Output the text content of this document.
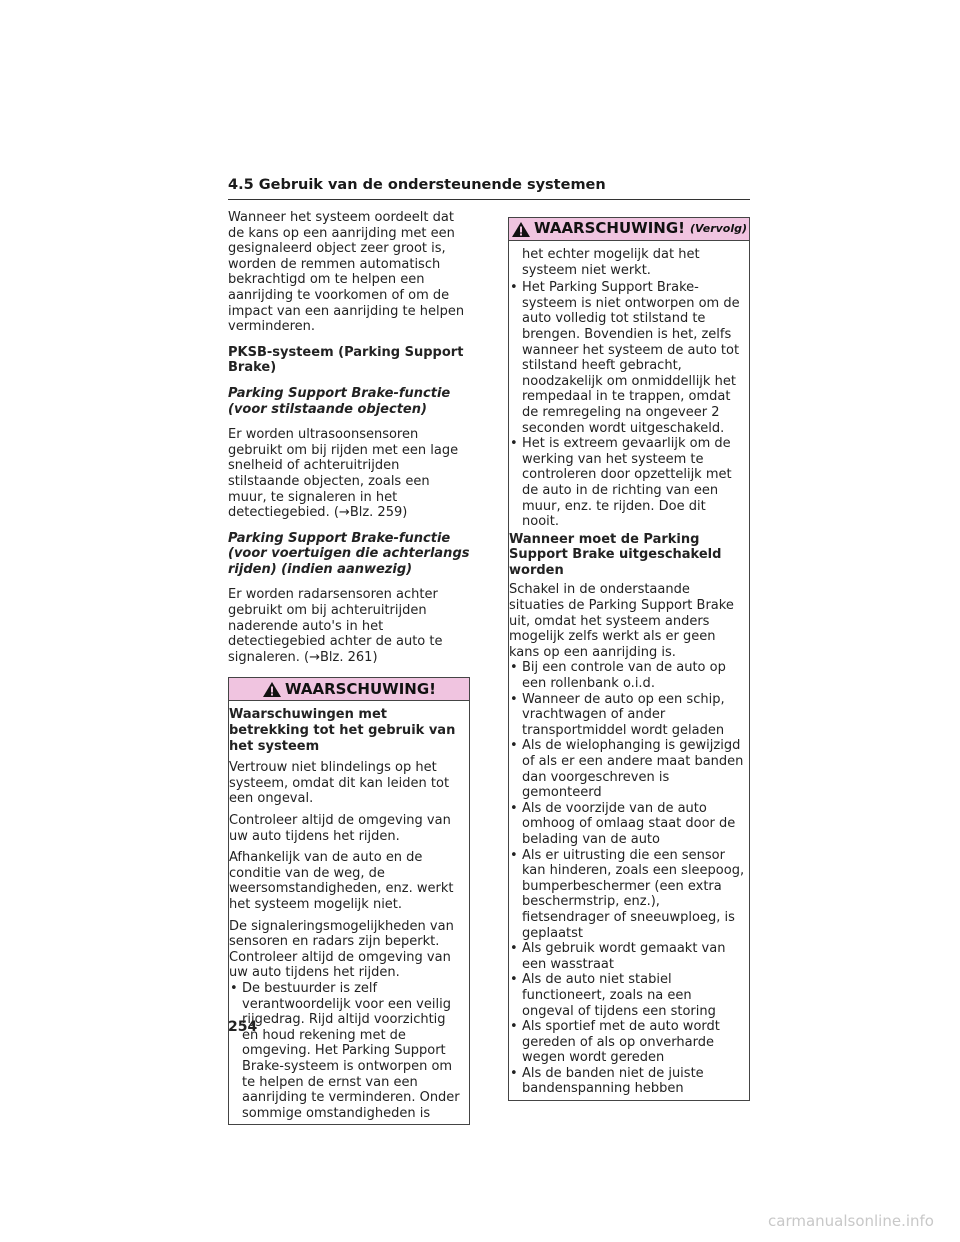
4.5 Gebruik van de ondersteunende systemen

Wanneer het systeem oordeelt dat de kans op een aanrijding met een gesignaleerd object zeer groot is, worden de remmen automatisch bekrachtigd om te helpen een aanrijding te voorkomen of om de impact van een aanrijding te helpen verminderen.

PKSB-systeem (Parking Support Brake)

Parking Support Brake-functie (voor stilstaande objecten)

Er worden ultrasoonsensoren gebruikt om bij rijden met een lage snelheid of achteruitrijden stilstaande objecten, zoals een muur, te signaleren in het detectiegebied. (→Blz. 259)

Parking Support Brake-functie (voor voertuigen die achterlangs rijden) (indien aanwezig)

Er worden radarsensoren achter gebruikt om bij achteruitrijden naderende auto's in het detectiegebied achter de auto te signaleren. (→Blz. 261)

WAARSCHUWING!

Waarschuwingen met betrekking tot het gebruik van het systeem

Vertrouw niet blindelings op het systeem, omdat dit kan leiden tot een ongeval.

Controleer altijd de omgeving van uw auto tijdens het rijden.

Afhankelijk van de auto en de conditie van de weg, de weersomstandigheden, enz. werkt het systeem mogelijk niet.

De signaleringsmogelijkheden van sensoren en radars zijn beperkt. Controleer altijd de omgeving van uw auto tijdens het rijden.

• De bestuurder is zelf verantwoordelijk voor een veilig rijgedrag. Rijd altijd voorzichtig en houd rekening met de omgeving. Het Parking Support Brake-systeem is ontworpen om te helpen de ernst van een aanrijding te verminderen. Onder sommige omstandigheden is
WAARSCHUWING! (Vervolg)

het echter mogelijk dat het systeem niet werkt.

• Het Parking Support Brake-systeem is niet ontworpen om de auto volledig tot stilstand te brengen. Bovendien is het, zelfs wanneer het systeem de auto tot stilstand heeft gebracht, noodzakelijk om onmiddellijk het rempedaal in te trappen, omdat de remregeling na ongeveer 2 seconden wordt uitgeschakeld.
• Het is extreem gevaarlijk om de werking van het systeem te controleren door opzettelijk met de auto in de richting van een muur, enz. te rijden. Doe dit nooit.

Wanneer moet de Parking Support Brake uitgeschakeld worden

Schakel in de onderstaande situaties de Parking Support Brake uit, omdat het systeem anders mogelijk zelfs werkt als er geen kans op een aanrijding is.

• Bij een controle van de auto op een rollenbank o.i.d.
• Wanneer de auto op een schip, vrachtwagen of ander transportmiddel wordt geladen
• Als de wielophanging is gewijzigd of als er een andere maat banden dan voorgeschreven is gemonteerd
• Als de voorzijde van de auto omhoog of omlaag staat door de belading van de auto
• Als er uitrusting die een sensor kan hinderen, zoals een sleepoog, bumperbeschermer (een extra beschermstrip, enz.), fietsendrager of sneeuwploeg, is geplaatst
• Als gebruik wordt gemaakt van een wasstraat
• Als de auto niet stabiel functioneert, zoals na een ongeval of tijdens een storing
• Als sportief met de auto wordt gereden of als op onverharde wegen wordt gereden
• Als de banden niet de juiste bandenspanning hebben
254
carmanualsonline.info
